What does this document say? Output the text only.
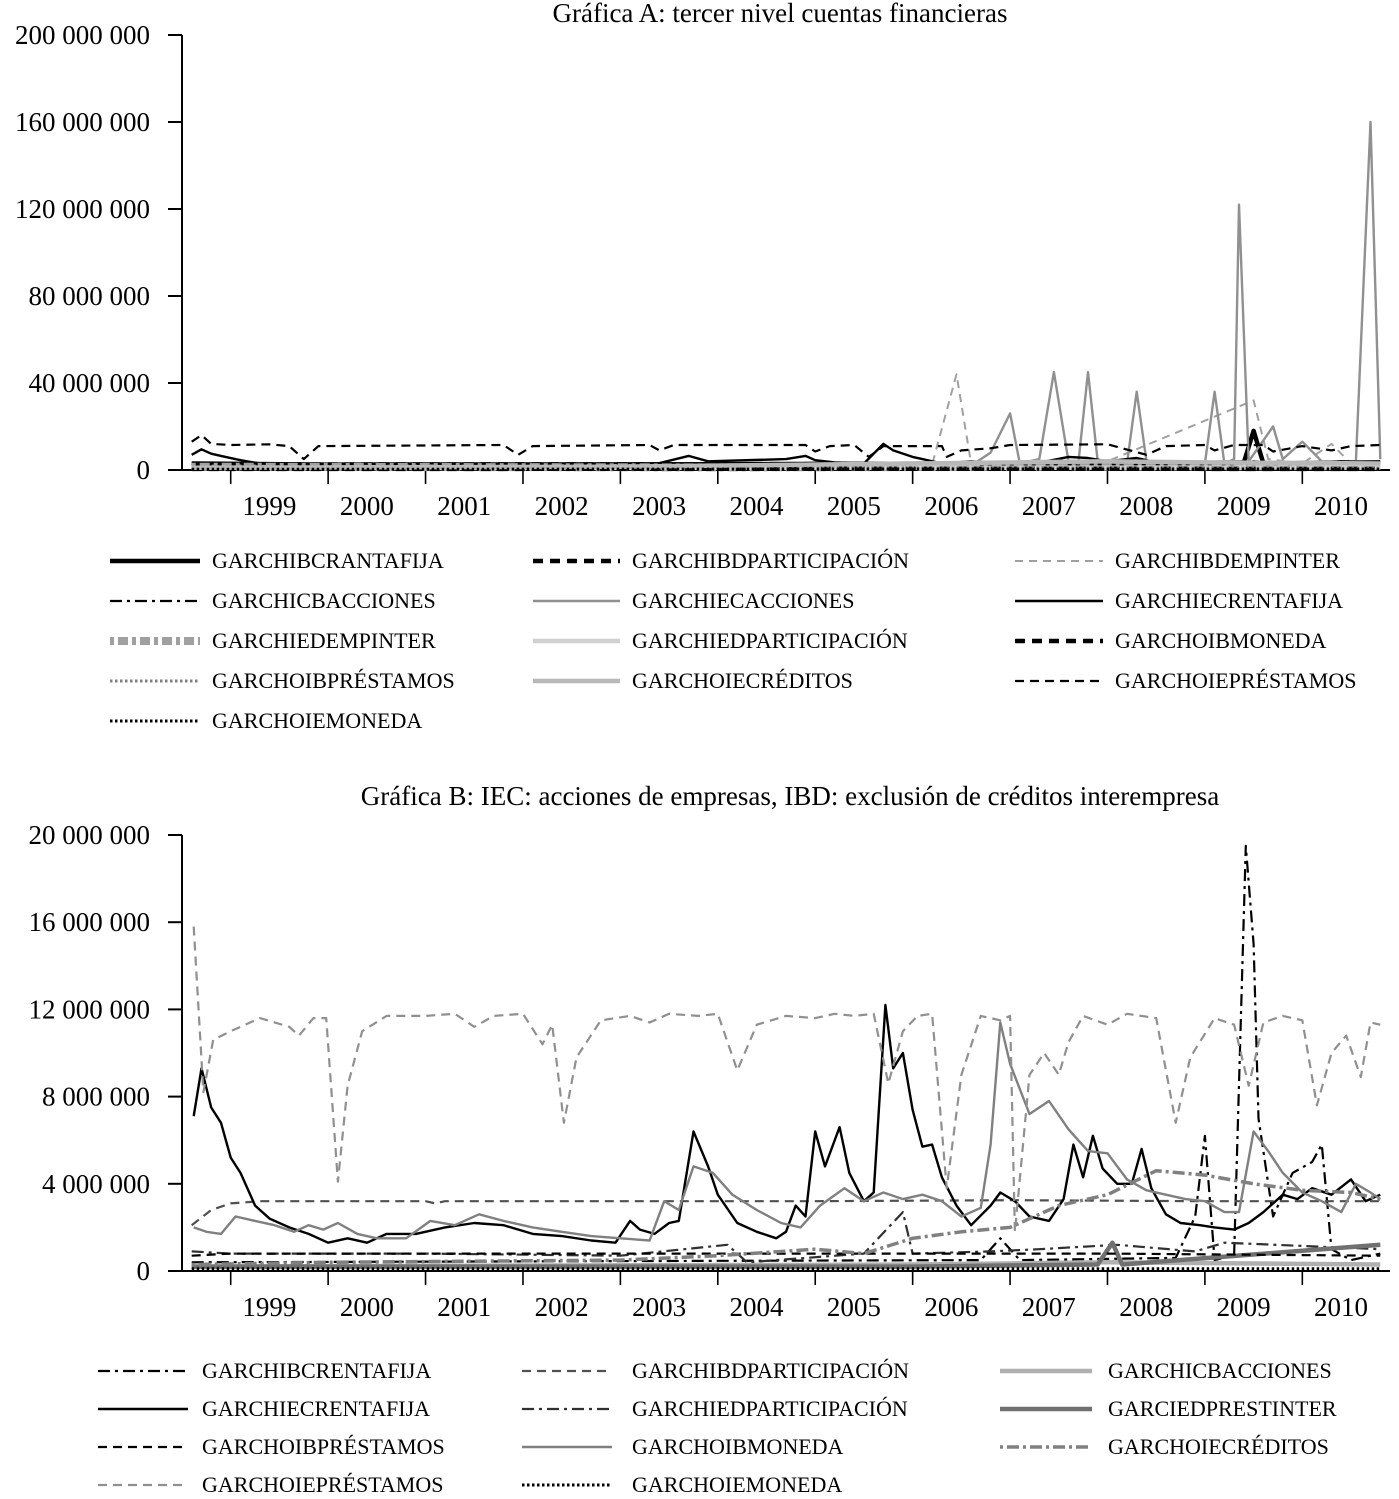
Gráfica A: tercer nivel cuentas financieras
0
40 000 000
80 000 000
120 000 000
160 000 000
200 000 000
1999 2000 2001 2002 2003 2004 2005 2006 2007 2008 2009 2010
GARCHIBCRANTAFIJA	GARCHIBDPARTICIPACIÓN	GARCHIBDEMPINTER
GARCHICBACCIONES	GARCHIECACCIONES	GARCHIECRENTAFIJA
GARCHIEDEMPINTER	GARCHIEDPARTICIPACIÓN	GARCHOIBMONEDA
GARCHOIBPRÉSTAMOS	GARCHOIECRÉDITOS	GARCHOIEPRÉSTAMOS
GARCHOIEMONEDA
Gráfica B: IEC: acciones de empresas, IBD: exclusión de créditos interempresa
0
4 000 000
8 000 000
12 000 000
16 000 000
20 000 000
1999 2000 2001 2002 2003 2004 2005 2006 2007 2008 2009 2010
GARCHIBCRENTAFIJA	GARCHIBDPARTICIPACIÓN	GARCHICBACCIONES
GARCHIECRENTAFIJA	GARCHIEDPARTICIPACIÓN	GARCIEDPRESTINTER
GARCHOIBPRÉSTAMOS	GARCHOIBMONEDA	GARCHOIECRÉDITOS
GARCHOIEPRÉSTAMOS	GARCHOIEMONEDA
